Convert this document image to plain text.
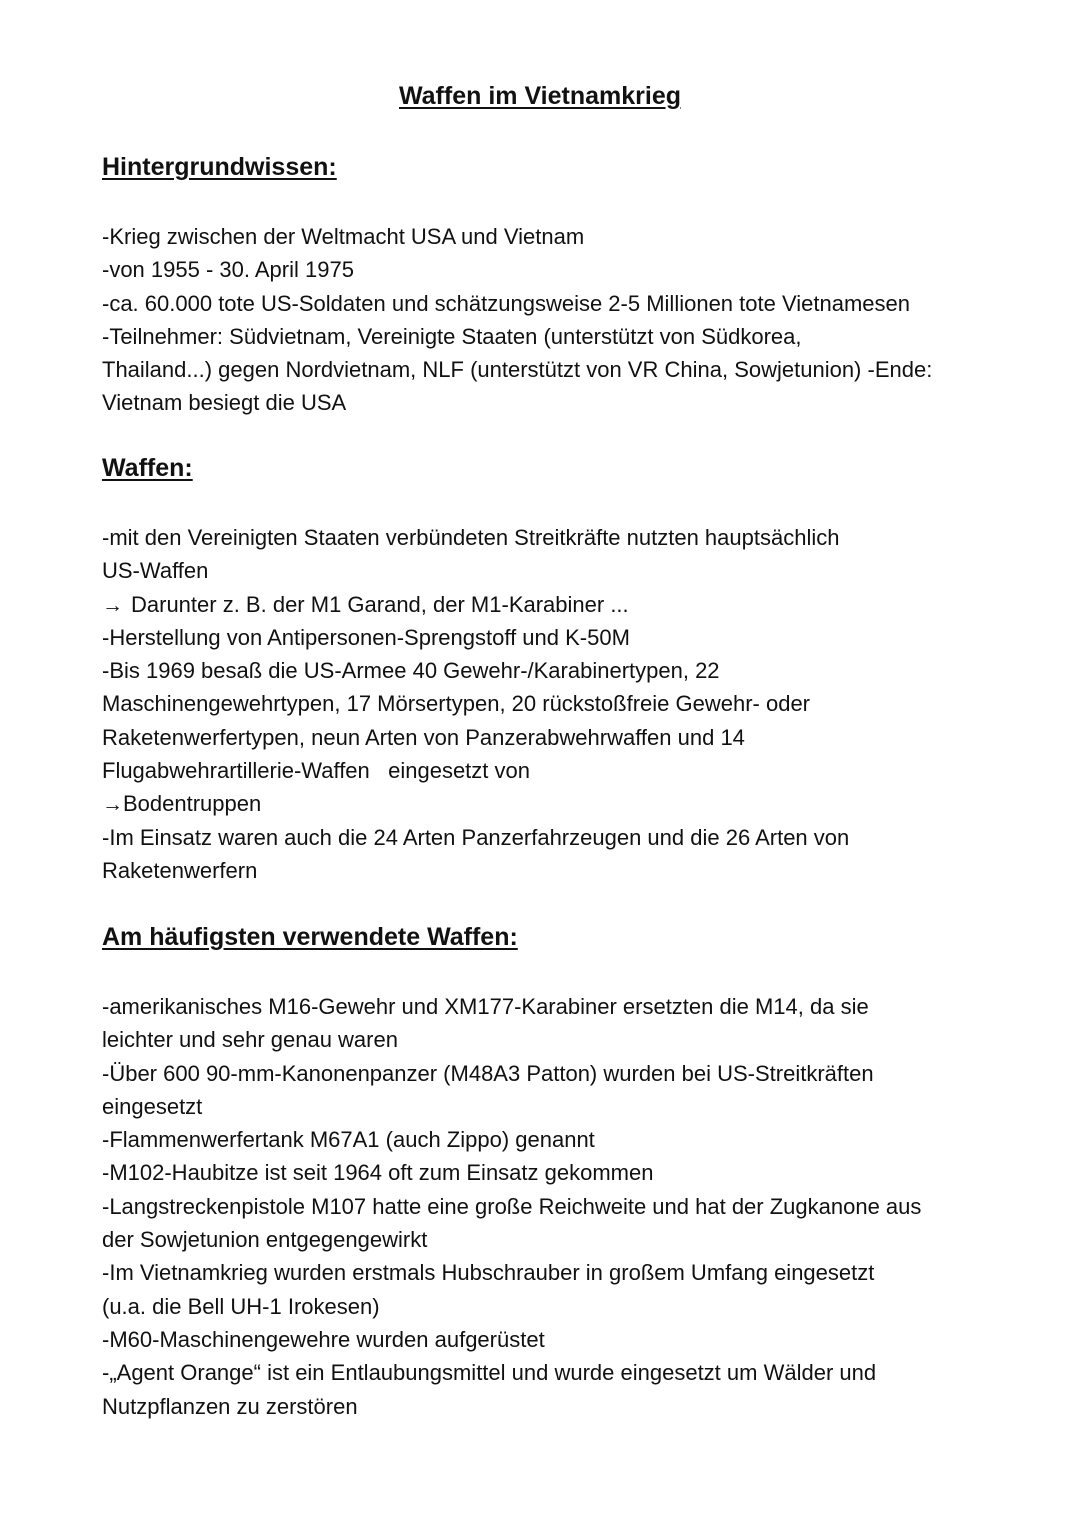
Waffen im Vietnamkrieg
Hintergrundwissen:
-Krieg zwischen der Weltmacht USA und Vietnam
-von 1955 - 30. April 1975
-ca. 60.000 tote US-Soldaten und schätzungsweise 2-5 Millionen tote Vietnamesen
-Teilnehmer: Südvietnam, Vereinigte Staaten (unterstützt von Südkorea,
Thailand...) gegen Nordvietnam, NLF (unterstützt von VR China, Sowjetunion) -Ende:
Vietnam besiegt die USA
Waffen:
-mit den Vereinigten Staaten verbündeten Streitkräfte nutzten hauptsächlich
US-Waffen
→ Darunter z. B. der M1 Garand, der M1-Karabiner ...
-Herstellung von Antipersonen-Sprengstoff und K-50M
-Bis 1969 besaß die US-Armee 40 Gewehr-/Karabinertypen, 22
Maschinengewehrtypen, 17 Mörsertypen, 20 rückstoßfreie Gewehr- oder
Raketenwerfertypen, neun Arten von Panzerabwehrwaffen und 14
Flugabwehrartillerie-Waffen   eingesetzt von
→Bodentruppen
-Im Einsatz waren auch die 24 Arten Panzerfahrzeugen und die 26 Arten von
Raketenwerfern
Am häufigsten verwendete Waffen:
-amerikanisches M16-Gewehr und XM177-Karabiner ersetzten die M14, da sie
leichter und sehr genau waren
-Über 600 90-mm-Kanonenpanzer (M48A3 Patton) wurden bei US-Streitkräften
eingesetzt
-Flammenwerfertank M67A1 (auch Zippo) genannt
-M102-Haubitze ist seit 1964 oft zum Einsatz gekommen
-Langstreckenpistole M107 hatte eine große Reichweite und hat der Zugkanone aus
der Sowjetunion entgegengewirkt
-Im Vietnamkrieg wurden erstmals Hubschrauber in großem Umfang eingesetzt
(u.a. die Bell UH-1 Irokesen)
-M60-Maschinengewehre wurden aufgerüstet
-„Agent Orange“ ist ein Entlaubungsmittel und wurde eingesetzt um Wälder und
Nutzpflanzen zu zerstören
